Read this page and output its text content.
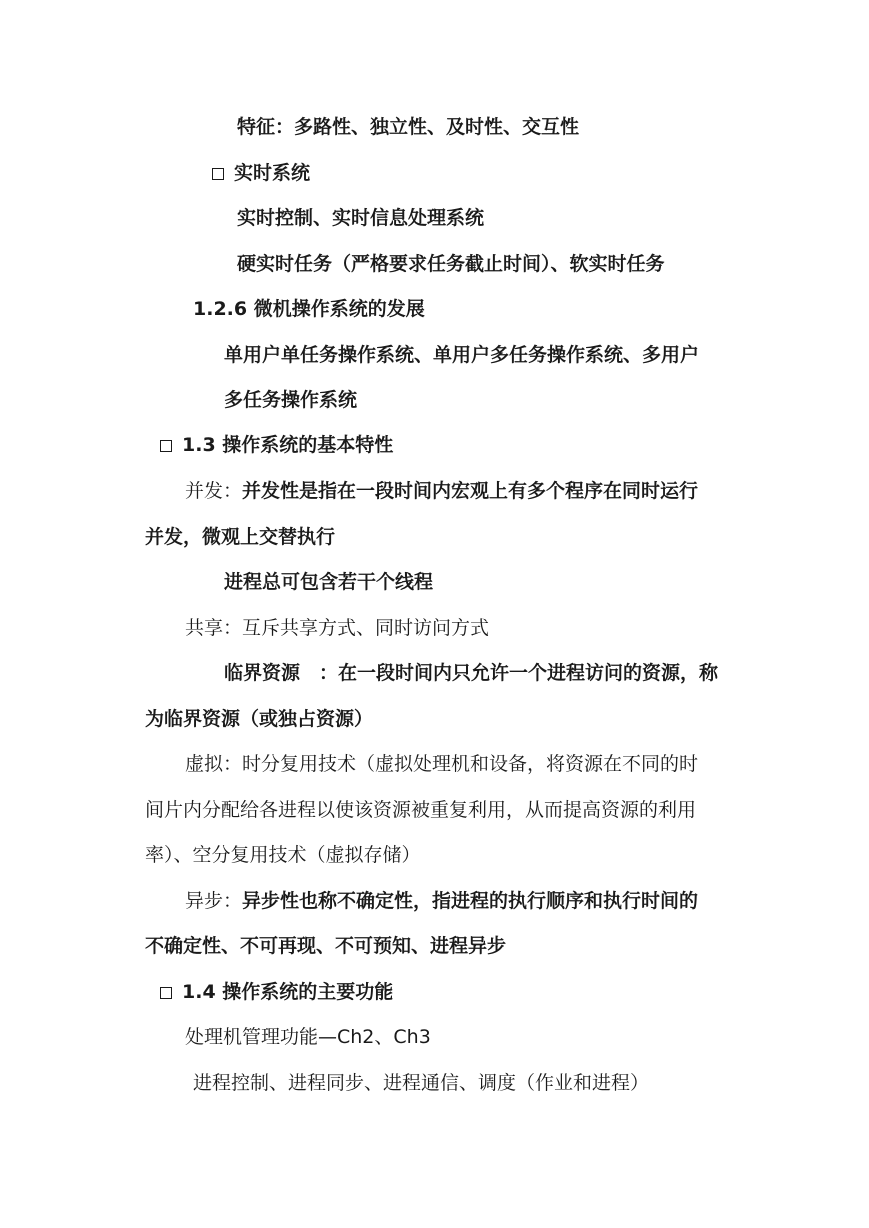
特征：多路性、独立性、及时性、交互性
实时系统
实时控制、实时信息处理系统
硬实时任务（严格要求任务截止时间）、软实时任务
1.2.6 微机操作系统的发展
单用户单任务操作系统、单用户多任务操作系统、多用户
多任务操作系统
1.3 操作系统的基本特性
并发：并发性是指在一段时间内宏观上有多个程序在同时运行
并发，微观上交替执行
进程总可包含若干个线程
共享：互斥共享方式、同时访问方式
临界资源　：在一段时间内只允许一个进程访问的资源，称
为临界资源（或独占资源）
虚拟：时分复用技术（虚拟处理机和设备，将资源在不同的时
间片内分配给各进程以使该资源被重复利用，从而提高资源的利用
率）、空分复用技术（虚拟存储）
异步：异步性也称不确定性，指进程的执行顺序和执行时间的
不确定性、不可再现、不可预知、进程异步
1.4 操作系统的主要功能
处理机管理功能—Ch2、Ch3
进程控制、进程同步、进程通信、调度（作业和进程）
